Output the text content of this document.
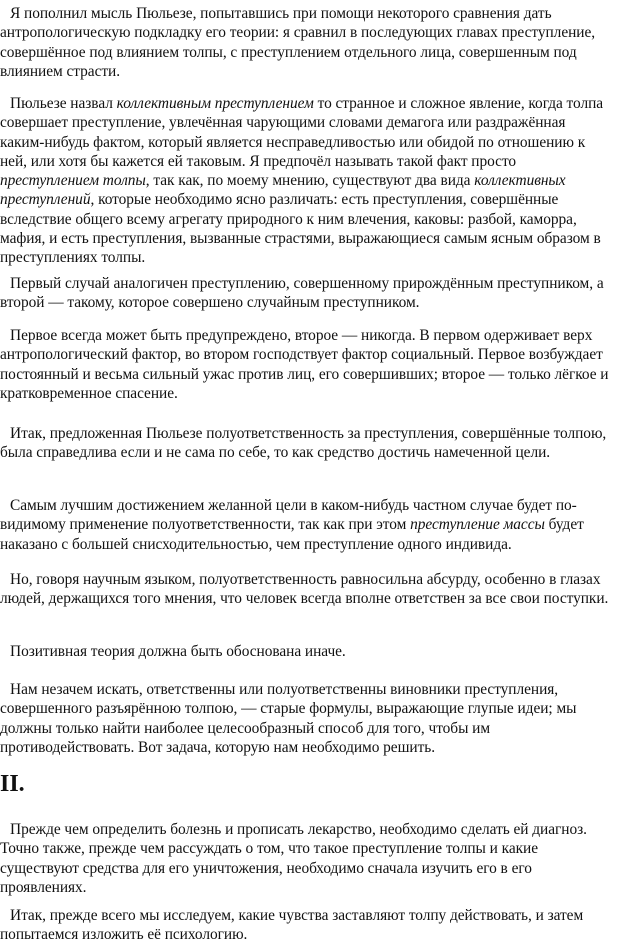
Я пополнил мысль Пюльезе, попытавшись при помощи некоторого сравнения дать антропологическую подкладку его теории: я сравнил в последующих главах преступление, совершённое под влиянием толпы, с преступлением отдельного лица, совершенным под влиянием страсти.

Пюльезе назвал коллективным преступлением то странное и сложное явление, когда толпа совершает преступление, увлечённая чарующими словами демагога или раздражённая каким-нибудь фактом, который является несправедливостью или обидой по отношению к ней, или хотя бы кажется ей таковым. Я предпочёл называть такой факт просто преступлением толпы, так как, по моему мнению, существуют два вида коллективных преступлений, которые необходимо ясно различать: есть преступления, совершённые вследствие общего всему агрегату природного к ним влечения, каковы: разбой, каморра, мафия, и есть преступления, вызванные страстями, выражающиеся самым ясным образом в преступлениях толпы.

Первый случай аналогичен преступлению, совершенному прирождённым преступником, а второй — такому, которое совершено случайным преступником.

Первое всегда может быть предупреждено, второе — никогда. В первом одерживает верх антропологический фактор, во втором господствует фактор социальный. Первое возбуждает постоянный и весьма сильный ужас против лиц, его совершивших; второе — только лёгкое и кратковременное спасение.

Итак, предложенная Пюльезе полуответственность за преступления, совершённые толпою, была справедлива если и не сама по себе, то как средство достичь намеченной цели.

Самым лучшим достижением желанной цели в каком-нибудь частном случае будет по-видимому применение полуответственности, так как при этом преступление массы будет наказано с большей снисходительностью, чем преступление одного индивида.

Но, говоря научным языком, полуответственность равносильна абсурду, особенно в глазах людей, держащихся того мнения, что человек всегда вполне ответствен за все свои поступки.

Позитивная теория должна быть обоснована иначе.

Нам незачем искать, ответственны или полуответственны виновники преступления, совершенного разъярённою толпою, — старые формулы, выражающие глупые идеи; мы должны только найти наиболее целесообразный способ для того, чтобы им противодействовать. Вот задача, которую нам необходимо решить.

II.

Прежде чем определить болезнь и прописать лекарство, необходимо сделать ей диагноз. Точно также, прежде чем рассуждать о том, что такое преступление толпы и какие существуют средства для его уничтожения, необходимо сначала изучить его в его проявлениях.

Итак, прежде всего мы исследуем, какие чувства заставляют толпу действовать, и затем попытаемся изложить её психологию.
